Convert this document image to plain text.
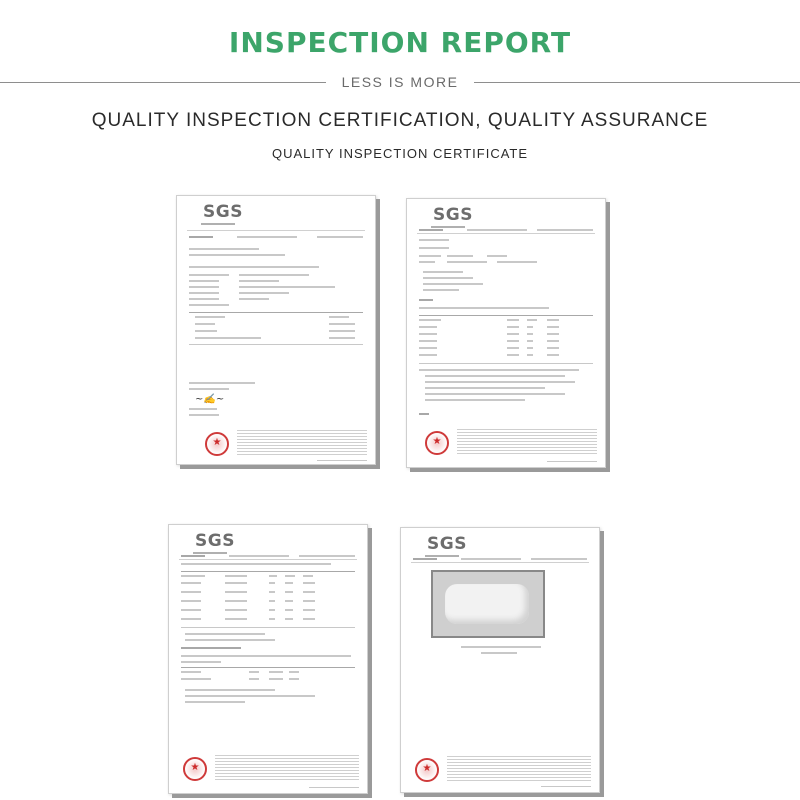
INSPECTION REPORT
LESS IS MORE
QUALITY INSPECTION CERTIFICATION, QUALITY ASSURANCE
QUALITY INSPECTION CERTIFICATE
SGS
~✍~
★
SGS
★
SGS
★	SGS
★
